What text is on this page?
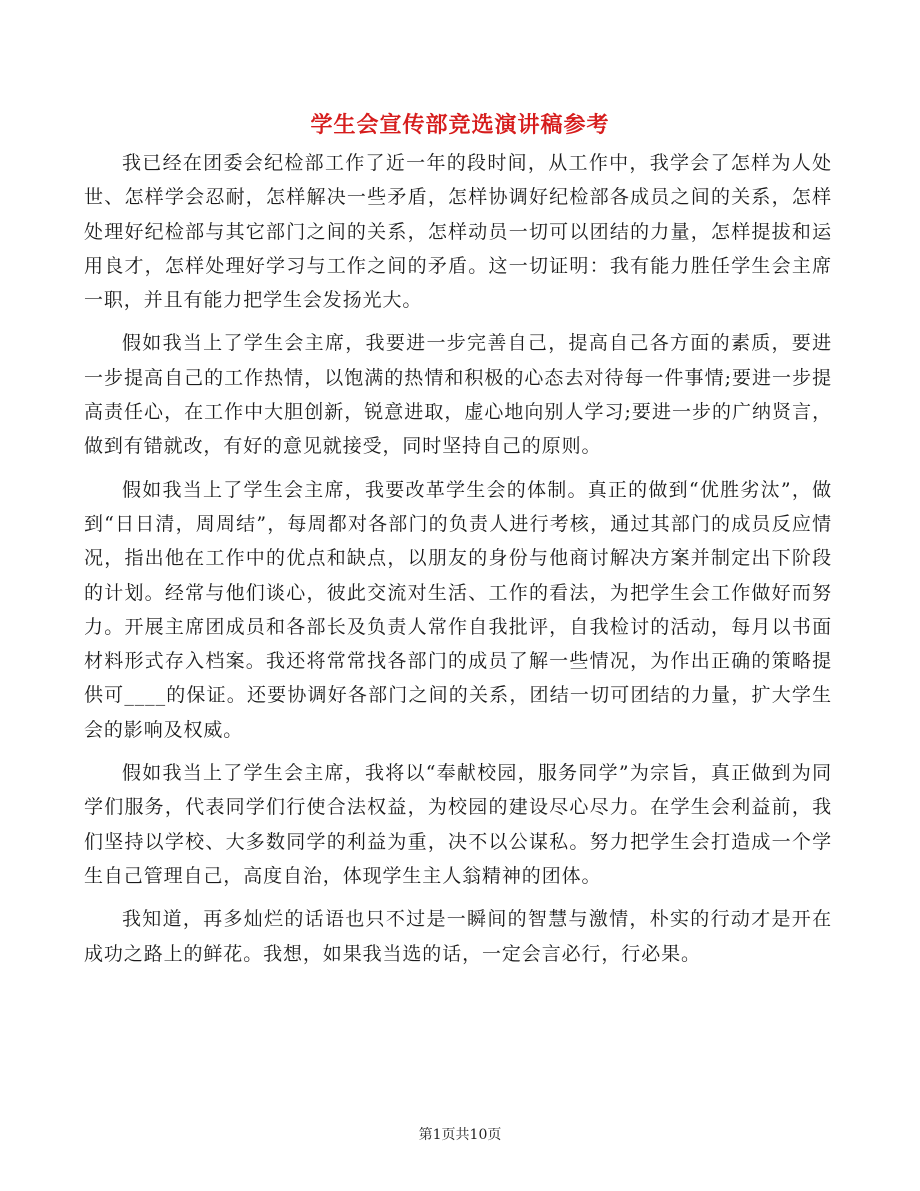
学生会宣传部竞选演讲稿参考

我已经在团委会纪检部工作了近一年的段时间，从工作中，我学会了怎样为人处世、怎样学会忍耐，怎样解决一些矛盾，怎样协调好纪检部各成员之间的关系，怎样处理好纪检部与其它部门之间的关系，怎样动员一切可以团结的力量，怎样提拔和运用良才，怎样处理好学习与工作之间的矛盾。这一切证明：我有能力胜任学生会主席一职，并且有能力把学生会发扬光大。

假如我当上了学生会主席，我要进一步完善自己，提高自己各方面的素质，要进一步提高自己的工作热情，以饱满的热情和积极的心态去对待每一件事情;要进一步提高责任心，在工作中大胆创新，锐意进取，虚心地向别人学习;要进一步的广纳贤言，做到有错就改，有好的意见就接受，同时坚持自己的原则。

假如我当上了学生会主席，我要改革学生会的体制。真正的做到“优胜劣汰”，做到“日日清，周周结”，每周都对各部门的负责人进行考核，通过其部门的成员反应情况，指出他在工作中的优点和缺点，以朋友的身份与他商讨解决方案并制定出下阶段的计划。经常与他们谈心，彼此交流对生活、工作的看法，为把学生会工作做好而努力。开展主席团成员和各部长及负责人常作自我批评，自我检讨的活动，每月以书面材料形式存入档案。我还将常常找各部门的成员了解一些情况，为作出正确的策略提供可____的保证。还要协调好各部门之间的关系，团结一切可团结的力量，扩大学生会的影响及权威。

假如我当上了学生会主席，我将以“奉献校园，服务同学”为宗旨，真正做到为同学们服务，代表同学们行使合法权益，为校园的建设尽心尽力。在学生会利益前，我们坚持以学校、大多数同学的利益为重，决不以公谋私。努力把学生会打造成一个学生自己管理自己，高度自治，体现学生主人翁精神的团体。

我知道，再多灿烂的话语也只不过是一瞬间的智慧与激情，朴实的行动才是开在成功之路上的鲜花。我想，如果我当选的话，一定会言必行，行必果。

第1页共10页
